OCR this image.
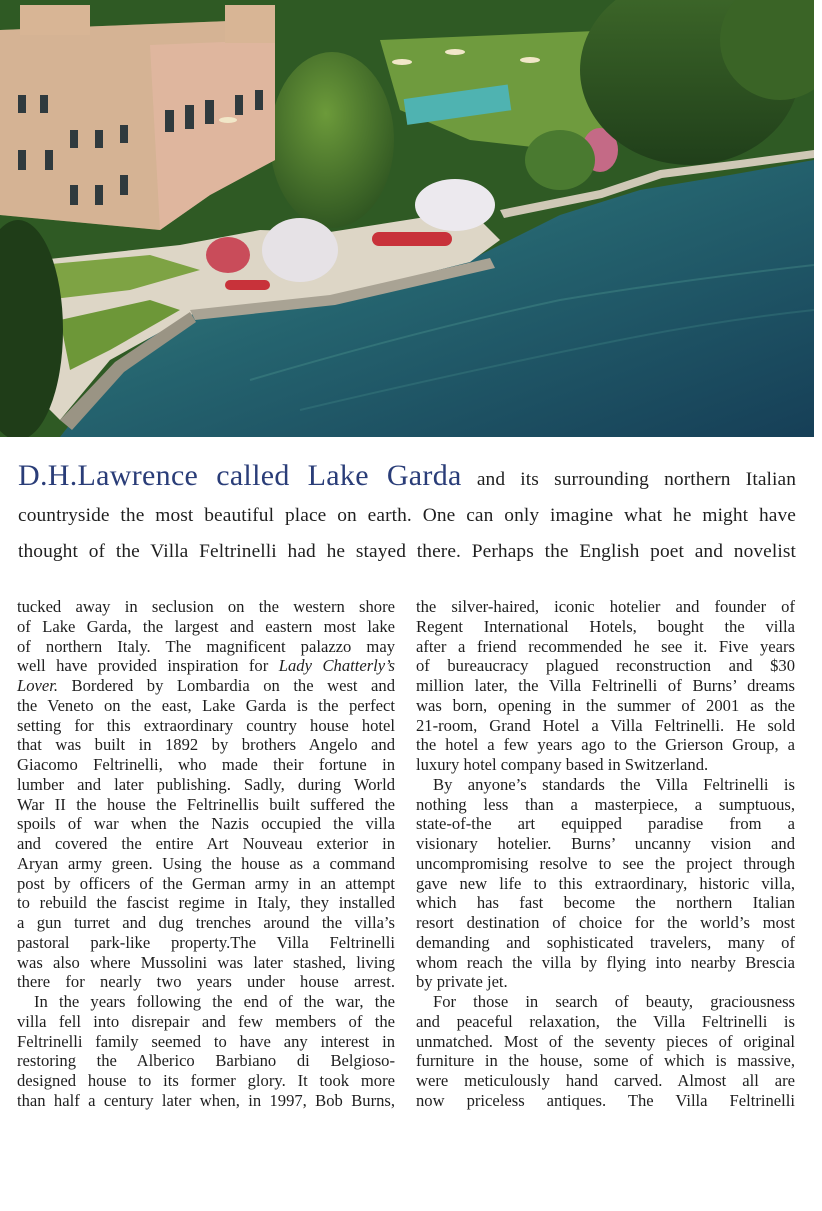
D.H.Lawrence called Lake Garda and its surrounding northern Italian
countryside the most beautiful place on earth. One can only imagine what he might have
thought of the Villa Feltrinelli had he stayed there. Perhaps the English poet and novelist

tucked away in seclusion on the western shore
of Lake Garda, the largest and eastern most lake
of northern Italy. The magnificent palazzo may
well have provided inspiration for Lady Chatterly’s
Lover. Bordered by Lombardia on the west and
the Veneto on the east, Lake Garda is the perfect
setting for this extraordinary country house hotel
that was built in 1892 by brothers Angelo and
Giacomo Feltrinelli, who made their fortune in
lumber and later publishing. Sadly, during World
War II the house the Feltrinellis built suffered the
spoils of war when the Nazis occupied the villa
and covered the entire Art Nouveau exterior in
Aryan army green. Using the house as a command
post by officers of the German army in an attempt
to rebuild the fascist regime in Italy, they installed
a gun turret and dug trenches around the villa’s
pastoral park-like property.The Villa Feltrinelli
was also where Mussolini was later stashed, living
there for nearly two years under house arrest.

In the years following the end of the war, the
villa fell into disrepair and few members of the
Feltrinelli family seemed to have any interest in
restoring the Alberico Barbiano di Belgioso-
designed house to its former glory. It took more
than half a century later when, in 1997, Bob Burns,

the silver-haired, iconic hotelier and founder of
Regent International Hotels, bought the villa
after a friend recommended he see it. Five years
of bureaucracy plagued reconstruction and $30
million later, the Villa Feltrinelli of Burns’ dreams
was born, opening in the summer of 2001 as the
21-room, Grand Hotel a Villa Feltrinelli. He sold
the hotel a few years ago to the Grierson Group, a
luxury hotel company based in Switzerland.

By anyone’s standards the Villa Feltrinelli is
nothing less than a masterpiece, a sumptuous,
state-of-the art equipped paradise from a
visionary hotelier. Burns’ uncanny vision and
uncompromising resolve to see the project through
gave new life to this extraordinary, historic villa,
which has fast become the northern Italian
resort destination of choice for the world’s most
demanding and sophisticated travelers, many of
whom reach the villa by flying into nearby Brescia
by private jet.

For those in search of beauty, graciousness
and peaceful relaxation, the Villa Feltrinelli is
unmatched. Most of the seventy pieces of original
furniture in the house, some of which is massive,
were meticulously hand carved. Almost all are
now priceless antiques. The Villa Feltrinelli
